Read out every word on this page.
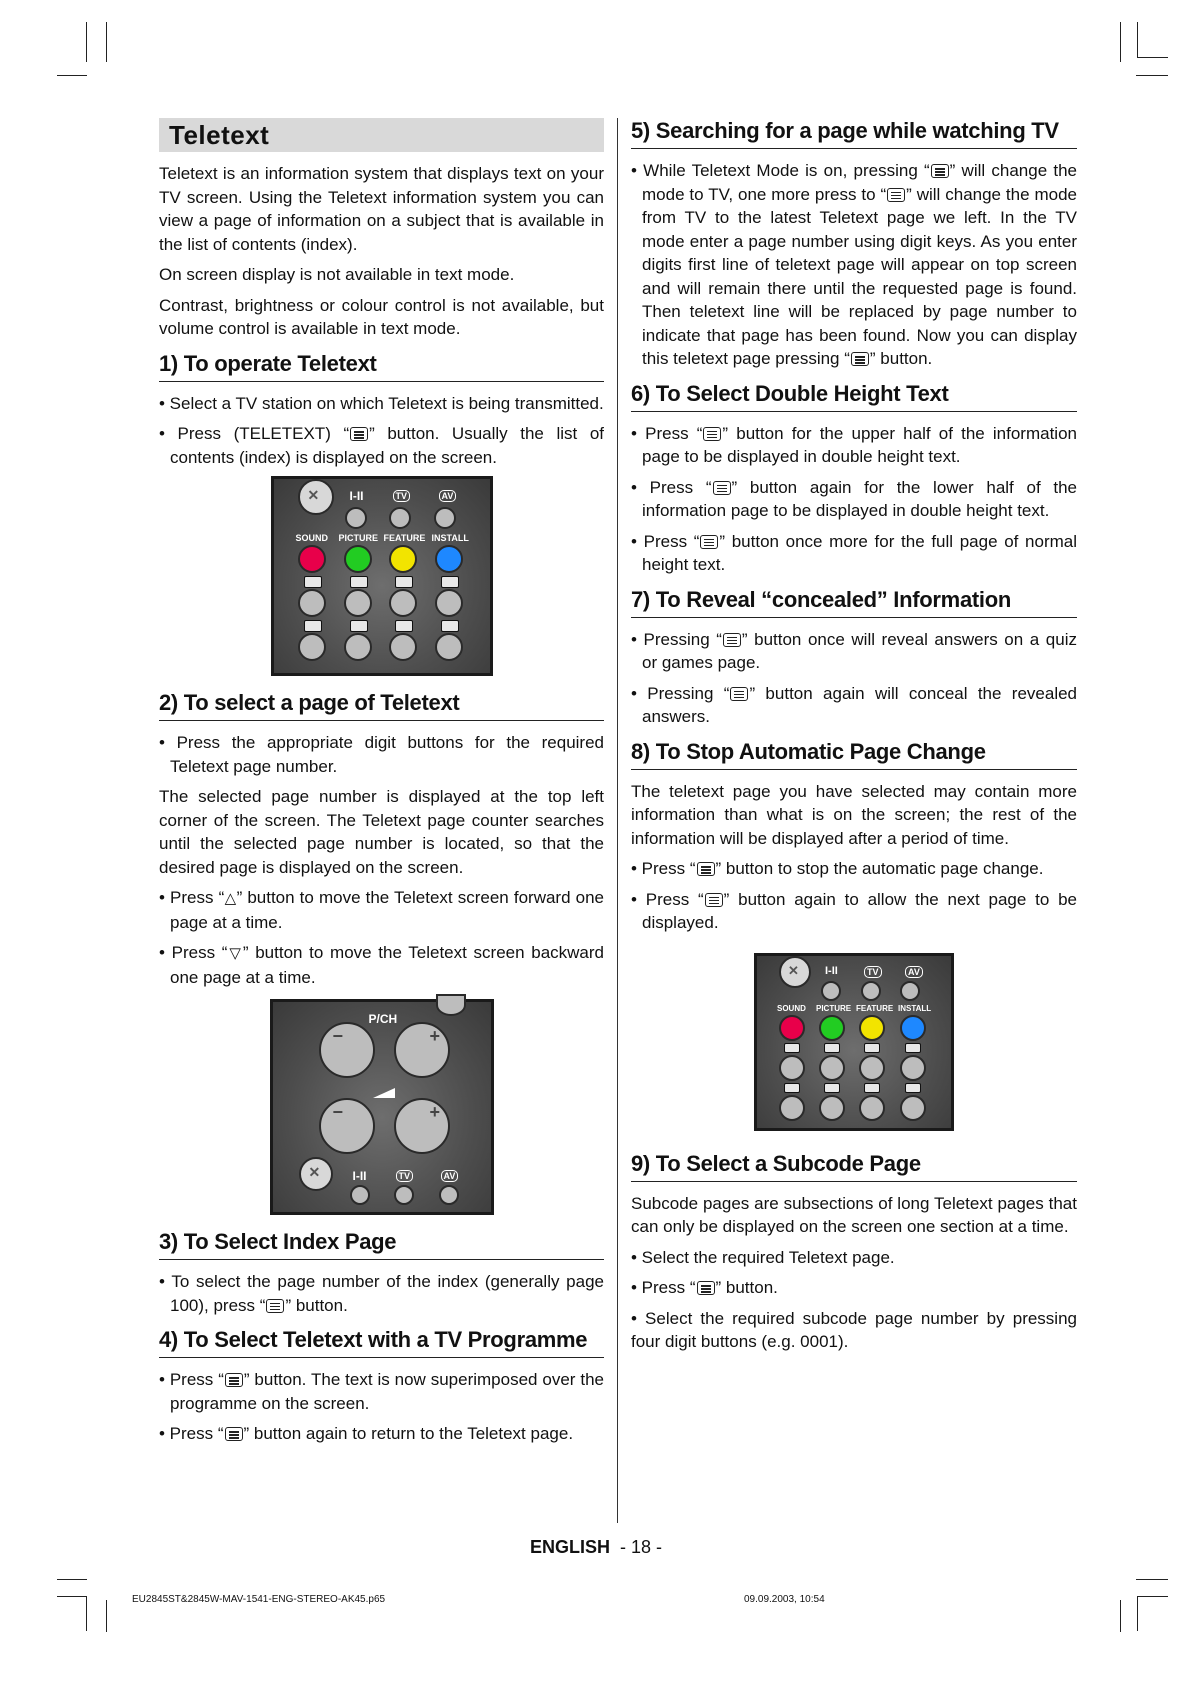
Teletext

Teletext is an information system that displays text on your TV screen. Using the Teletext information system you can view a page of information on a subject that is available in the list of contents (index).

On screen display is not available in text mode.

Contrast, brightness or colour control is not available, but volume control is available in text mode.

1) To operate Teletext

• Select a TV station on which Teletext is being transmitted.

• Press (TELETEXT) “ ” button. Usually the list of contents (index) is displayed on the screen.

✕	I-II	TV	AV
SOUND PICTURE FEATURE INSTALL
2) To select a page of Teletext

• Press the appropriate digit buttons for the required Teletext page number.

The selected page number is displayed at the top left corner of the screen. The Teletext page counter searches until the selected page number is located, so that the desired page is displayed on the screen.

• Press “△” button to move the Teletext screen forward one page at a time.

• Press “▽” button to move the Teletext screen backward one page at a time.

P/CH
−	+
−	+
✕	I-II	TV	AV
3) To Select Index Page

• To select the page number of the index (generally page 100), press “ ” button.

4) To Select Teletext with a TV Programme

• Press “ ” button. The text is now superimposed over the programme on the screen.

• Press “ ” button again to return to the Teletext page.

5) Searching for a page while watching TV

• While Teletext Mode is on, pressing “ ” will change the mode to TV, one more press to “ ” will change the mode from TV to the latest Teletext page we left. In the TV mode enter a page number using digit keys. As you enter digits first line of teletext page will appear on top screen and will remain there until the requested page is found. Then teletext line will be replaced by page number to indicate that page has been found. Now you can display this teletext page pressing “ ” button.

6) To Select Double Height Text

• Press “ ” button for the upper half of the information page to be displayed in double height text.

• Press “ ” button again for the lower half of the information page to be displayed in double height text.

• Press “ ” button once more for the full page of normal height text.

7) To Reveal “concealed” Information

• Pressing “ ” button once will reveal answers on a quiz or games page.

• Pressing “ ” button again will conceal the revealed answers.

8) To Stop Automatic Page Change

The teletext page you have selected may contain more information than what is on the screen; the rest of the information will be displayed after a period of time.

• Press “ ” button to stop the automatic page change.

• Press “ ” button again to allow the next page to be displayed.

✕ I-II	TV	AV
SOUND PICTURE FEATURE INSTALL
9) To Select a Subcode Page

Subcode pages are subsections of long Teletext pages that can only be displayed on the screen one section at a time.

• Select the required Teletext page.

• Press “ ” button.

• Select the required subcode page number by pressing four digit buttons (e.g. 0001).

ENGLISH - 18 -
EU2845ST&2845W-MAV-1541-ENG-STEREO-AK45.p65	09.09.2003, 10:54
